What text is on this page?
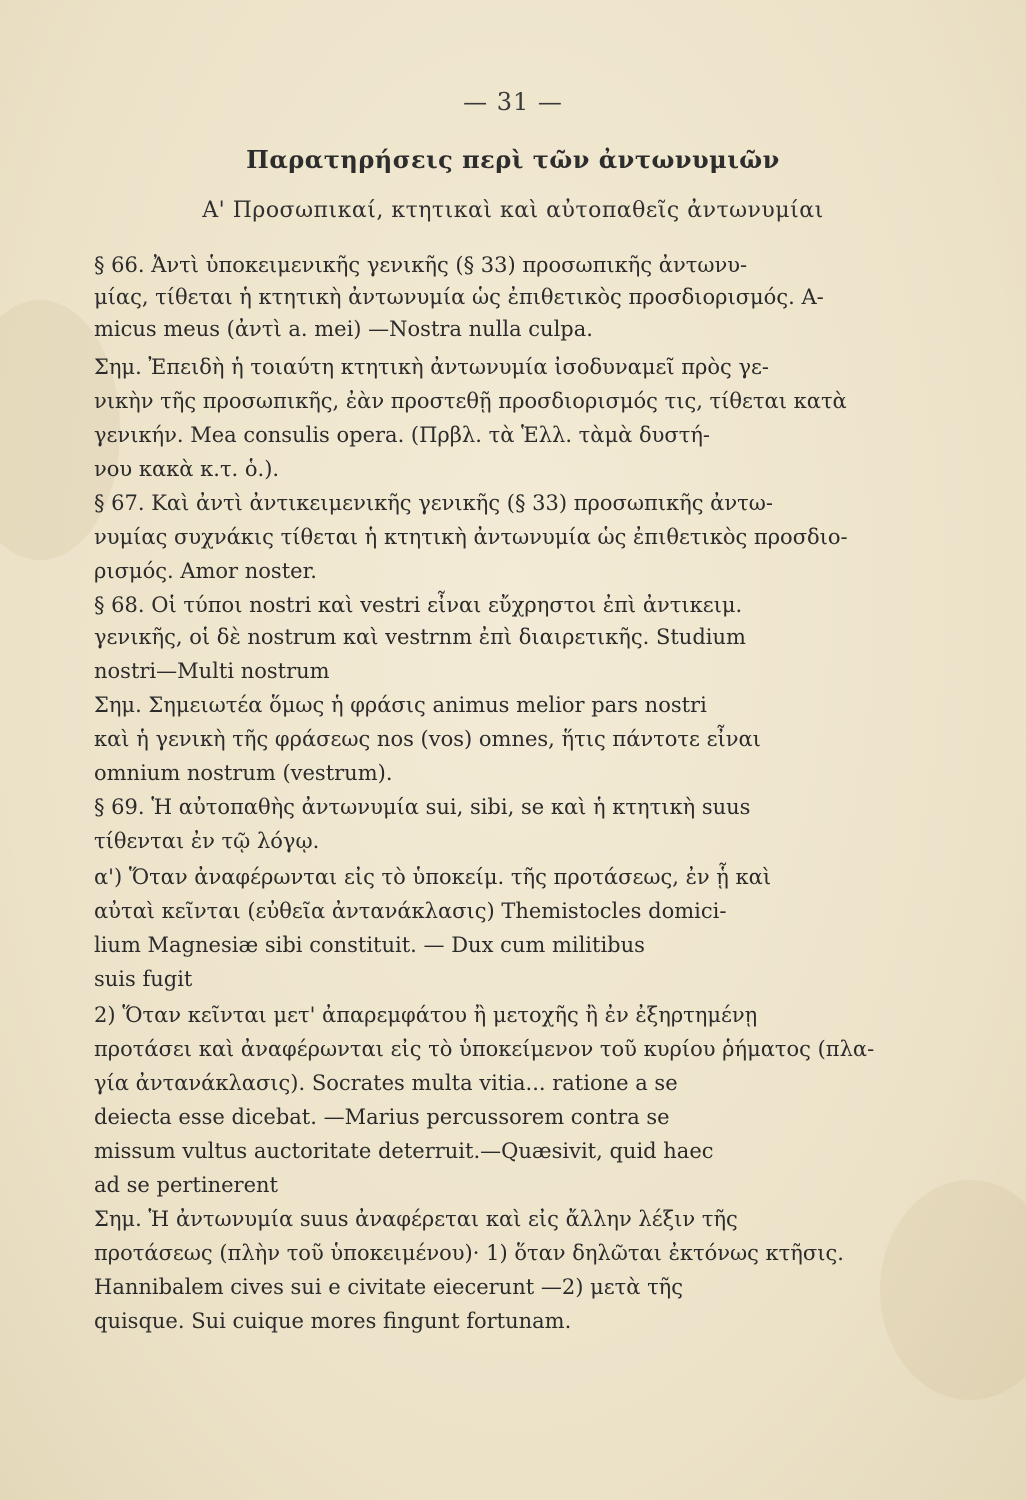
— 31 —
Παρατηρήσεις περὶ τῶν ἀντωνυμιῶν
Α' Προσωπικαί, κτητικαὶ καὶ αὐτοπαθεῖς ἀντωνυμίαι
§ 66. Ἀντὶ ὑποκειμενικῆς γενικῆς (§ 33) προσωπικῆς ἀντωνυ-
μίας, τίθεται ἡ κτητικὴ ἀντωνυμία ὡς ἐπιθετικὸς προσδιορισμός. A-
micus meus (ἀντὶ a. mei) —Nostra nulla culpa.
Σημ. Ἐπειδὴ ἡ τοιαύτη κτητικὴ ἀντωνυμία ἰσοδυναμεῖ πρὸς γε-
νικὴν τῆς προσωπικῆς, ἐὰν προστεθῇ προσδιορισμός τις, τίθεται κατὰ
γενικήν. Mea consulis opera. (Πρβλ. τὰ Ἑλλ. τὰμὰ δυστή-
νου κακὰ κ.τ. ὁ.).
§ 67. Καὶ ἀντὶ ἀντικειμενικῆς γενικῆς (§ 33) προσωπικῆς ἀντω-
νυμίας συχνάκις τίθεται ἡ κτητικὴ ἀντωνυμία ὡς ἐπιθετικὸς προσδιο-
ρισμός. Amor noster.
§ 68. Οἱ τύποι nostri καὶ vestri εἶναι εὔχρηστοι ἐπὶ ἀντικειμ.
γενικῆς, οἱ δὲ nostrum καὶ vestrnm ἐπὶ διαιρετικῆς. Studium
nostri—Multi nostrum
Σημ. Σημειωτέα ὅμως ἡ φράσις animus melior pars nostri
καὶ ἡ γενικὴ τῆς φράσεως nos (vos) omnes, ἥτις πάντοτε εἶναι
omnium nostrum (vestrum).
§ 69. Ἡ αὐτοπαθὴς ἀντωνυμία sui, sibi, se καὶ ἡ κτητικὴ suus
τίθενται ἐν τῷ λόγῳ.
α') Ὅταν ἀναφέρωνται εἰς τὸ ὑποκείμ. τῆς προτάσεως, ἐν ᾗ καὶ
αὐταὶ κεῖνται (εὐθεῖα ἀντανάκλασις) Themistocles domici-
lium Magnesiæ sibi constituit. — Dux cum militibus
suis fugit
2) Ὅταν κεῖνται μετ' ἀπαρεμφάτου ἢ μετοχῆς ἢ ἐν ἐξηρτημένῃ
προτάσει καὶ ἀναφέρωνται εἰς τὸ ὑποκείμενον τοῦ κυρίου ῥήματος (πλα-
γία ἀντανάκλασις). Socrates multa vitia... ratione a se
deiecta esse dicebat. —Marius percussorem contra se
missum vultus auctoritate deterruit.—Quæsivit, quid haec
ad se pertinerent
Σημ. Ἡ ἀντωνυμία suus ἀναφέρεται καὶ εἰς ἄλλην λέξιν τῆς
προτάσεως (πλὴν τοῦ ὑποκειμένου)· 1) ὅταν δηλῶται ἐκτόνως κτῆσις.
Hannibalem cives sui e civitate eiecerunt —2) μετὰ τῆς
quisque. Sui cuique mores fingunt fortunam.
